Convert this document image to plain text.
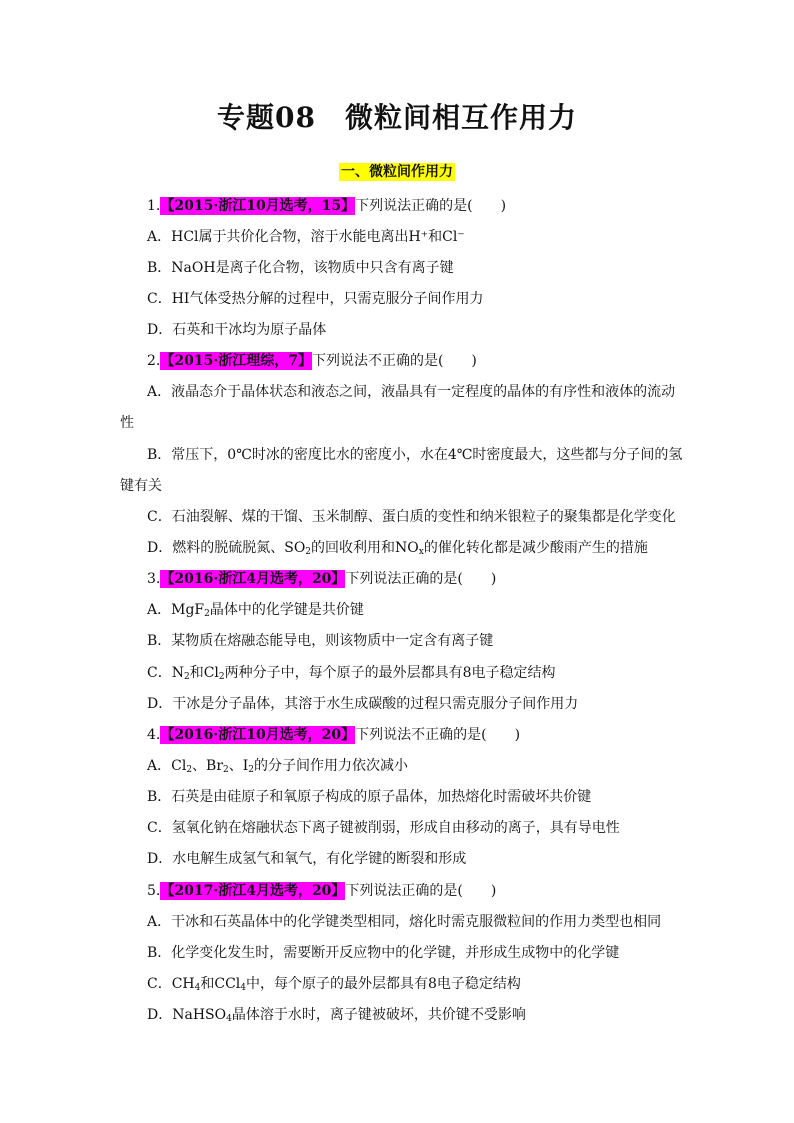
专题08　微粒间相互作用力
一、微粒间作用力
1.【2015·浙江10月选考，15】下列说法正确的是(　　)
A．HCl属于共价化合物，溶于水能电离出H⁺和Cl⁻
B．NaOH是离子化合物，该物质中只含有离子键
C．HI气体受热分解的过程中，只需克服分子间作用力
D．石英和干冰均为原子晶体
2.【2015·浙江理综，7】下列说法不正确的是(　　)
A．液晶态介于晶体状态和液态之间，液晶具有一定程度的晶体的有序性和液体的流动
性
B．常压下，0℃时冰的密度比水的密度小，水在4℃时密度最大，这些都与分子间的氢
键有关
C．石油裂解、煤的干馏、玉米制醇、蛋白质的变性和纳米银粒子的聚集都是化学变化
D．燃料的脱硫脱氮、$SO_2$的回收利用和$NO_x$的催化转化都是减少酸雨产生的措施
3.【2016·浙江4月选考，20】下列说法正确的是(　　)
A．MgF$_2$晶体中的化学键是共价键
B．某物质在熔融态能导电，则该物质中一定含有离子键
C．$N_2$和$Cl_2$两种分子中，每个原子的最外层都具有8电子稳定结构
D．干冰是分子晶体，其溶于水生成碳酸的过程只需克服分子间作用力
4.【2016·浙江10月选考，20】下列说法不正确的是(　　)
A．$Cl_2$、$Br_2$、$I_2$的分子间作用力依次减小
B．石英是由硅原子和氧原子构成的原子晶体，加热熔化时需破坏共价键
C．氢氧化钠在熔融状态下离子键被削弱，形成自由移动的离子，具有导电性
D．水电解生成氢气和氧气，有化学键的断裂和形成
5.【2017·浙江4月选考，20】下列说法正确的是(　　)
A．干冰和石英晶体中的化学键类型相同，熔化时需克服微粒间的作用力类型也相同
B．化学变化发生时，需要断开反应物中的化学键，并形成生成物中的化学键
C．$CH_4$和CCl$_4$中，每个原子的最外层都具有8电子稳定结构
D．NaHSO$_4$晶体溶于水时，离子键被破坏，共价键不受影响
